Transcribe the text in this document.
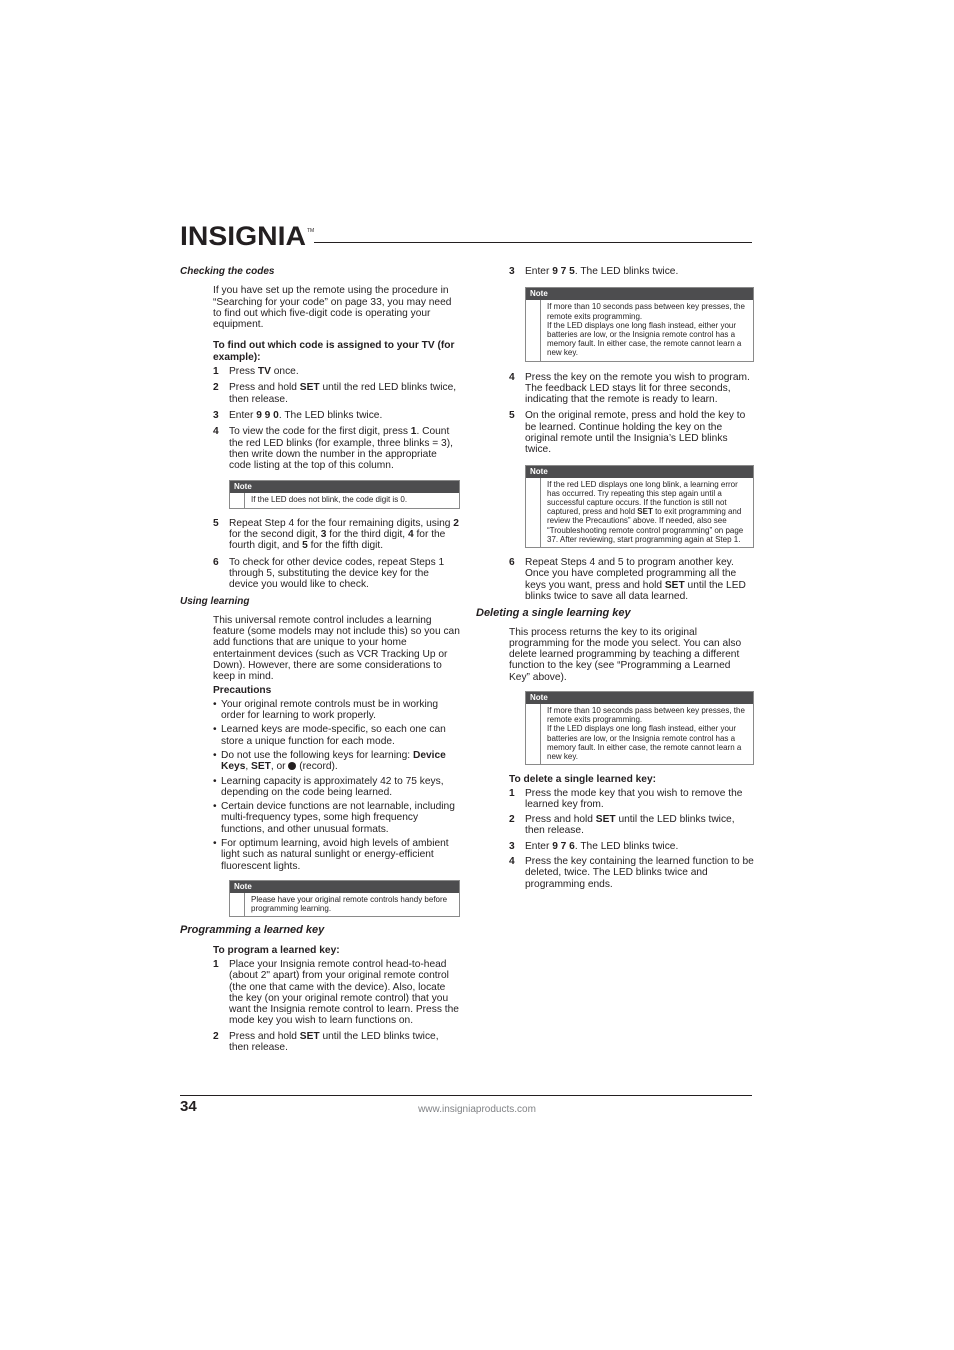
INSIGNIA TM
Checking the codes

If you have set up the remote using the procedure in “Searching for your code” on page 33, you may need to find out which five-digit code is operating your equipment.

To find out which code is assigned to your TV (for example):

1	Press TV once.
2	Press and hold SET until the red LED blinks twice, then release.
3	Enter 9 9 0. The LED blinks twice.
4	To view the code for the first digit, press 1. Count the red LED blinks (for example, three blinks = 3), then write down the number in the appropriate code listing at the top of this column.
Note

If the LED does not blink, the code digit is 0.

5	Repeat Step 4 for the four remaining digits, using 2 for the second digit, 3 for the third digit, 4 for the fourth digit, and 5 for the fifth digit.
6	To check for other device codes, repeat Steps 1 through 5, substituting the device key for the device you would like to check.
Using learning

This universal remote control includes a learning feature (some models may not include this) so you can add functions that are unique to your home entertainment devices (such as VCR Tracking Up or Down). However, there are some considerations to keep in mind.

Precautions

• Your original remote controls must be in working order for learning to work properly.
• Learned keys are mode-specific, so each one can store a unique function for each mode.
• Do not use the following keys for learning: Device Keys, SET, or  (record).
• Learning capacity is approximately 42 to 75 keys, depending on the code being learned.
• Certain device functions are not learnable, including multi-frequency types, some high frequency functions, and other unusual formats.
• For optimum learning, avoid high levels of ambient light such as natural sunlight or energy-efficient fluorescent lights.
Note

Please have your original remote controls handy before programming learning.

Programming a learned key

To program a learned key:

1	Place your Insignia remote control head-to-head (about 2" apart) from your original remote control (the one that came with the device). Also, locate the key (on your original remote control) that you want the Insignia remote control to learn. Press the mode key you wish to learn functions on.
2	Press and hold SET until the LED blinks twice, then release.
3	Enter 9 7 5. The LED blinks twice.
Note

If more than 10 seconds pass between key presses, the remote exits programming.

If the LED displays one long flash instead, either your batteries are low, or the Insignia remote control has a memory fault. In either case, the remote cannot learn a new key.

4	Press the key on the remote you wish to program. The feedback LED stays lit for three seconds, indicating that the remote is ready to learn.
5	On the original remote, press and hold the key to be learned. Continue holding the key on the original remote until the Insignia’s LED blinks twice.
Note

If the red LED displays one long blink, a learning error has occurred. Try repeating this step again until a successful capture occurs. If the function is still not captured, press and hold SET to exit programming and review the Precautions” above. If needed, also see “Troubleshooting remote control programming” on page 37. After reviewing, start programming again at Step 1.

6	Repeat Steps 4 and 5 to program another key. Once you have completed programming all the keys you want, press and hold SET until the LED blinks twice to save all data learned.
Deleting a single learning key

This process returns the key to its original programming for the mode you select. You can also delete learned programming by teaching a different function to the key (see “Programming a Learned Key” above).

Note

If more than 10 seconds pass between key presses, the remote exits programming.

If the LED displays one long flash instead, either your batteries are low, or the Insignia remote control has a memory fault. In either case, the remote cannot learn a new key.

To delete a single learned key:

1	Press the mode key that you wish to remove the learned key from.
2	Press and hold SET until the LED blinks twice, then release.
3	Enter 9 7 6. The LED blinks twice.
4	Press the key containing the learned function to be deleted, twice. The LED blinks twice and programming ends.
34	www.insigniaproducts.com
